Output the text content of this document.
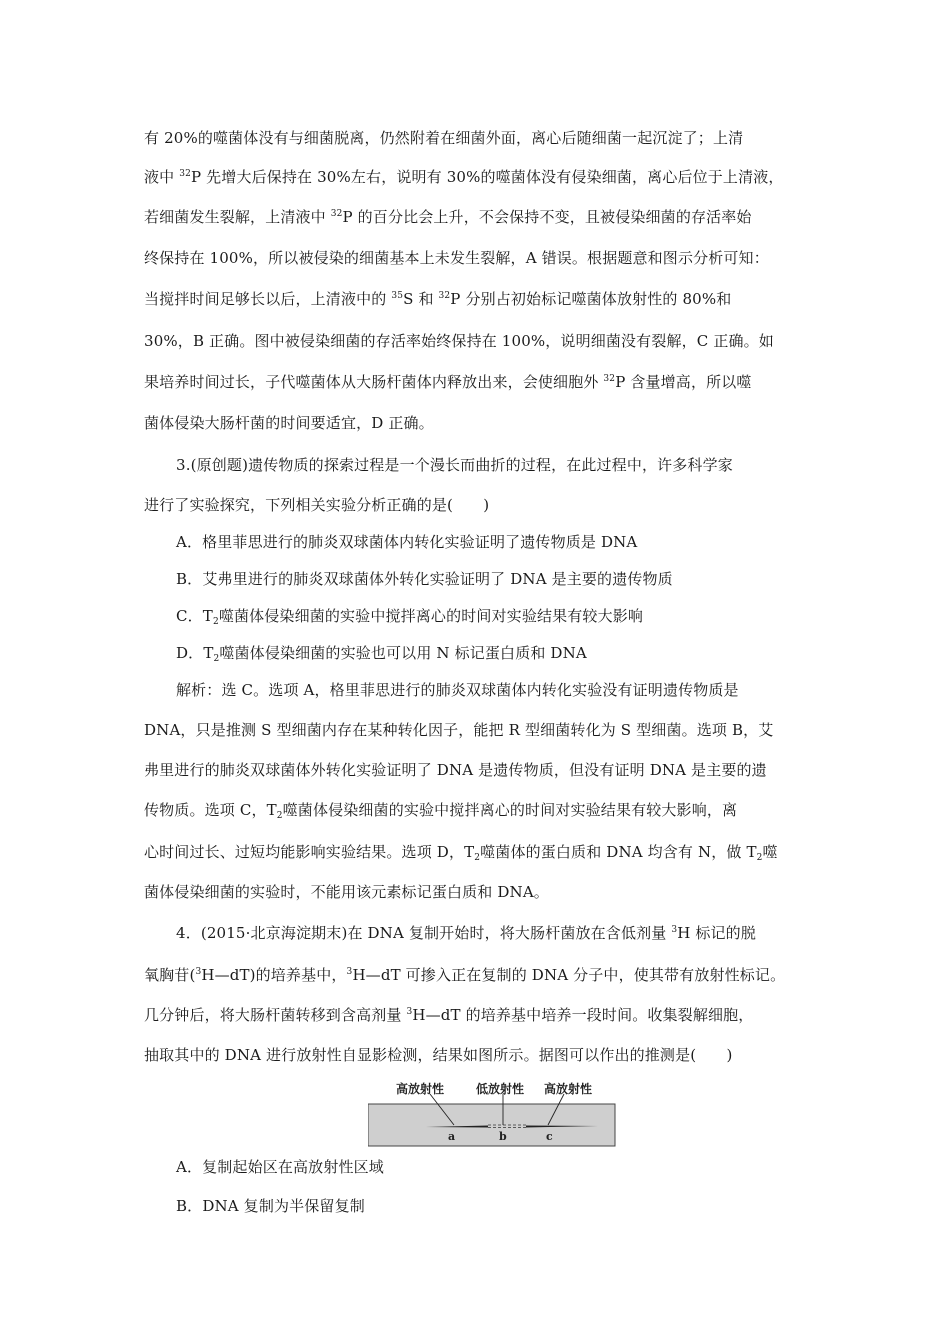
有 20%的噬菌体没有与细菌脱离，仍然附着在细菌外面，离心后随细菌一起沉淀了；上清
液中 $^{32}$P 先增大后保持在 30%左右，说明有 30%的噬菌体没有侵染细菌，离心后位于上清液，
若细菌发生裂解，上清液中 $^{32}$P 的百分比会上升，不会保持不变，且被侵染细菌的存活率始
终保持在 100%，所以被侵染的细菌基本上未发生裂解，A 错误。根据题意和图示分析可知：
当搅拌时间足够长以后，上清液中的 $^{35}$S 和 $^{32}$P 分别占初始标记噬菌体放射性的 80%和
30%，B 正确。图中被侵染细菌的存活率始终保持在 100%，说明细菌没有裂解，C 正确。如
果培养时间过长，子代噬菌体从大肠杆菌体内释放出来，会使细胞外 $^{32}$P 含量增高，所以噬
菌体侵染大肠杆菌的时间要适宜，D 正确。
3.(原创题)遗传物质的探索过程是一个漫长而曲折的过程，在此过程中，许多科学家
进行了实验探究，下列相关实验分析正确的是(　　)
A．格里菲思进行的肺炎双球菌体内转化实验证明了遗传物质是 DNA
B．艾弗里进行的肺炎双球菌体外转化实验证明了 DNA 是主要的遗传物质
C．$T_2$噬菌体侵染细菌的实验中搅拌离心的时间对实验结果有较大影响
D．$T_2$噬菌体侵染细菌的实验也可以用 N 标记蛋白质和 DNA
解析：选 C。选项 A，格里菲思进行的肺炎双球菌体内转化实验没有证明遗传物质是
DNA，只是推测 S 型细菌内存在某种转化因子，能把 R 型细菌转化为 S 型细菌。选项 B，艾
弗里进行的肺炎双球菌体外转化实验证明了 DNA 是遗传物质，但没有证明 DNA 是主要的遗
传物质。选项 C，$T_2$噬菌体侵染细菌的实验中搅拌离心的时间对实验结果有较大影响，离
心时间过长、过短均能影响实验结果。选项 D，$T_2$噬菌体的蛋白质和 DNA 均含有 N，做 $T_2$噬
菌体侵染细菌的实验时，不能用该元素标记蛋白质和 DNA。
4．(2015·北京海淀期末)在 DNA 复制开始时，将大肠杆菌放在含低剂量 $^3$H 标记的脱
氧胸苷($^3$H—dT)的培养基中，$^3$H—dT 可掺入正在复制的 DNA 分子中，使其带有放射性标记。
几分钟后，将大肠杆菌转移到含高剂量 $^3$H—dT 的培养基中培养一段时间。收集裂解细胞，
抽取其中的 DNA 进行放射性自显影检测，结果如图所示。据图可以作出的推测是(　　)
高放射性	低放射性 高放射性
a	b	c
A．复制起始区在高放射性区域
B．DNA 复制为半保留复制
